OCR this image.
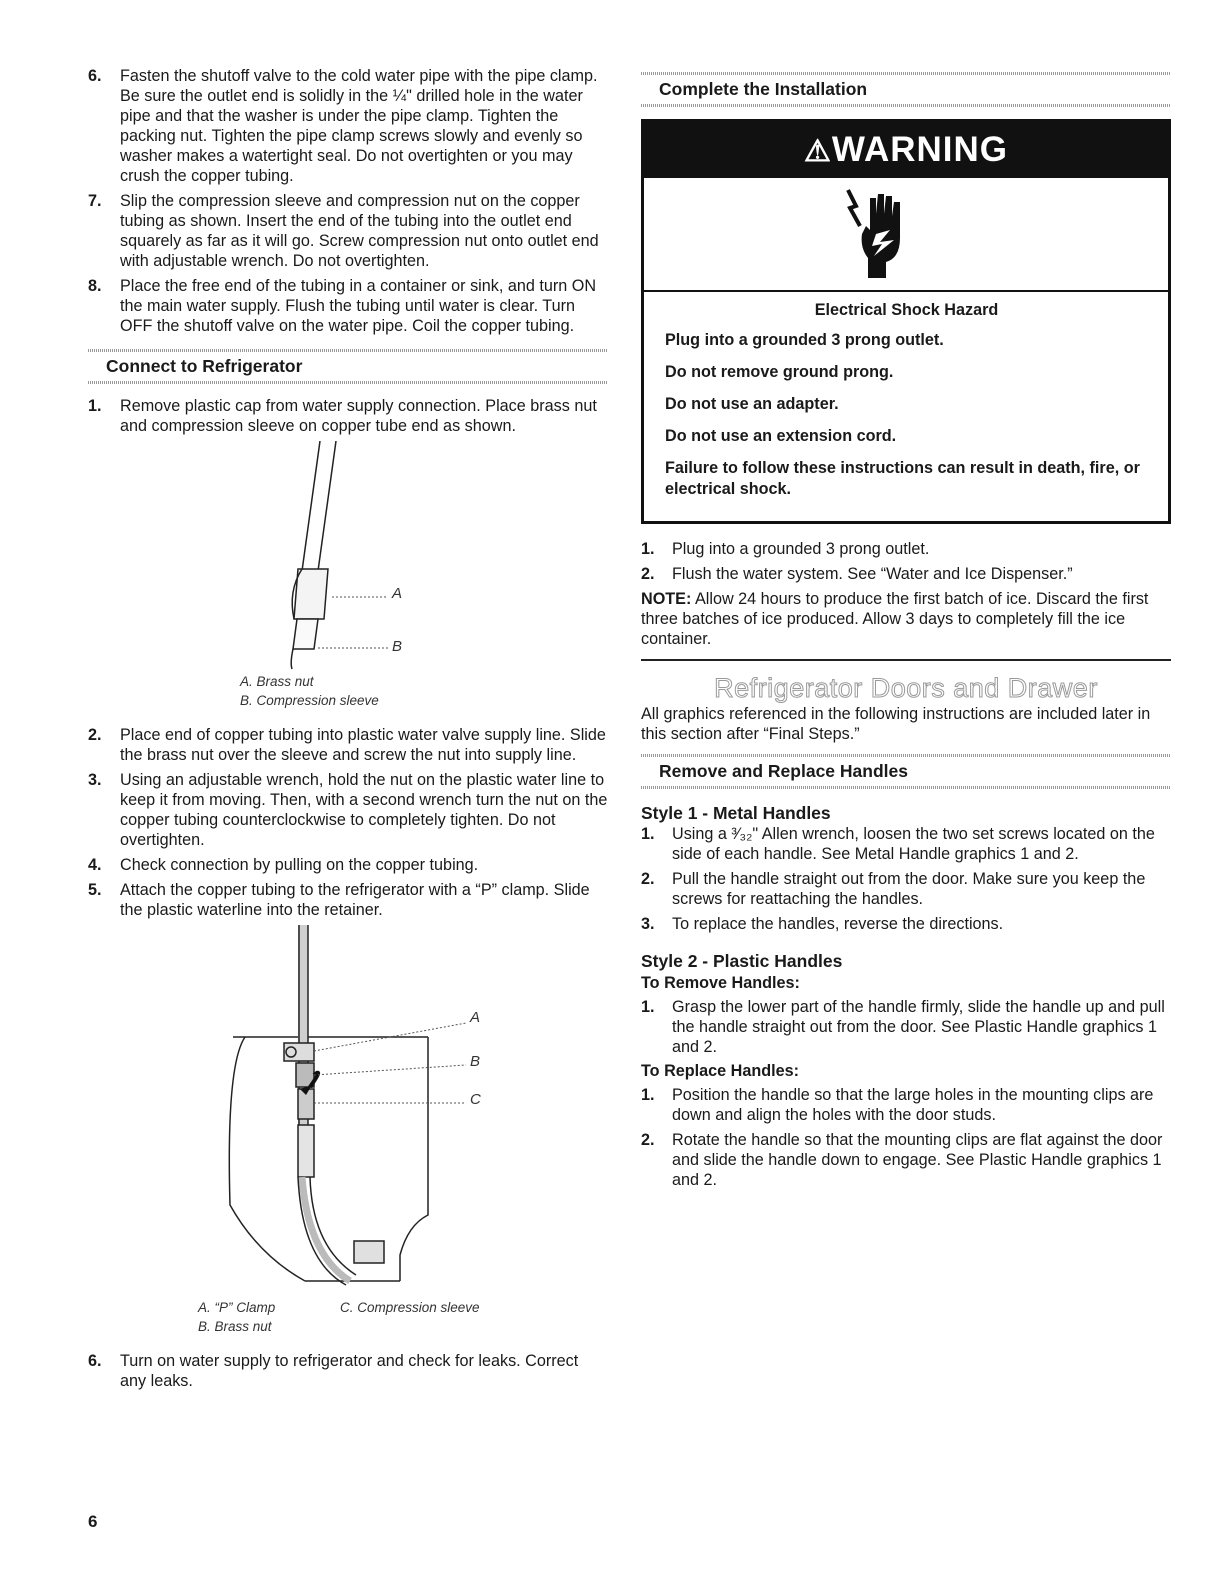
6. Fasten the shutoff valve to the cold water pipe with the pipe clamp. Be sure the outlet end is solidly in the ¼" drilled hole in the water pipe and that the washer is under the pipe clamp. Tighten the packing nut. Tighten the pipe clamp screws slowly and evenly so washer makes a watertight seal. Do not overtighten or you may crush the copper tubing.
7. Slip the compression sleeve and compression nut on the copper tubing as shown. Insert the end of the tubing into the outlet end squarely as far as it will go. Screw compression nut onto outlet end with adjustable wrench. Do not overtighten.
8. Place the free end of the tubing in a container or sink, and turn ON the main water supply. Flush the tubing until water is clear. Turn OFF the shutoff valve on the water pipe. Coil the copper tubing.
Connect to Refrigerator
1. Remove plastic cap from water supply connection. Place brass nut and compression sleeve on copper tube end as shown.
A
B
A. Brass nut
B. Compression sleeve
2. Place end of copper tubing into plastic water valve supply line. Slide the brass nut over the sleeve and screw the nut into supply line.
3. Using an adjustable wrench, hold the nut on the plastic water line to keep it from moving. Then, with a second wrench turn the nut on the copper tubing counterclockwise to completely tighten. Do not overtighten.
4. Check connection by pulling on the copper tubing.
5. Attach the copper tubing to the refrigerator with a “P” clamp. Slide the plastic waterline into the retainer.
A
B
C
A. “P” Clamp
B. Brass nut
C. Compression sleeve
6. Turn on water supply to refrigerator and check for leaks. Correct any leaks.
6
Complete the Installation
⚠WARNING

Electrical Shock Hazard

Plug into a grounded 3 prong outlet.

Do not remove ground prong.

Do not use an adapter.

Do not use an extension cord.

Failure to follow these instructions can result in death, fire, or electrical shock.

1. Plug into a grounded 3 prong outlet.
2. Flush the water system. See “Water and Ice Dispenser.”
NOTE: Allow 24 hours to produce the first batch of ice. Discard the first three batches of ice produced. Allow 3 days to completely fill the ice container.
Refrigerator Doors and Drawer
All graphics referenced in the following instructions are included later in this section after “Final Steps.”
Remove and Replace Handles
Style 1 - Metal Handles
1. Using a ³⁄₃₂" Allen wrench, loosen the two set screws located on the side of each handle. See Metal Handle graphics 1 and 2.
2. Pull the handle straight out from the door. Make sure you keep the screws for reattaching the handles.
3. To replace the handles, reverse the directions.
Style 2 - Plastic Handles
To Remove Handles:
1. Grasp the lower part of the handle firmly, slide the handle up and pull the handle straight out from the door. See Plastic Handle graphics 1 and 2.
To Replace Handles:
1. Position the handle so that the large holes in the mounting clips are down and align the holes with the door studs.
2. Rotate the handle so that the mounting clips are flat against the door and slide the handle down to engage. See Plastic Handle graphics 1 and 2.
